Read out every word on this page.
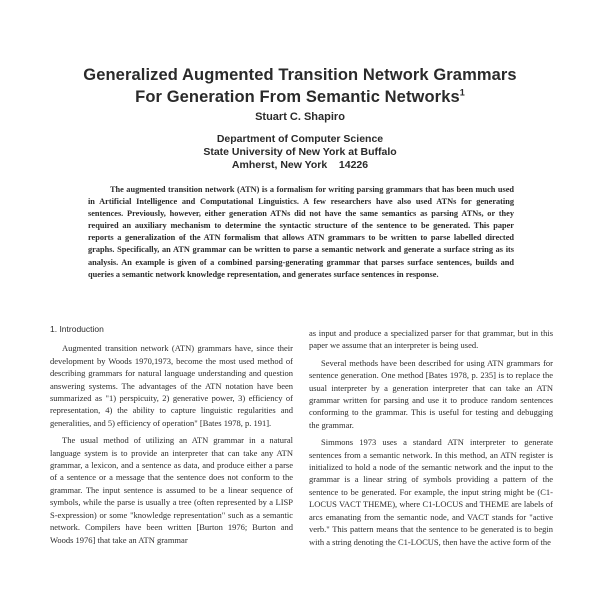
Generalized Augmented Transition Network Grammars
For Generation From Semantic Networks$^1$
Stuart C. Shapiro
Department of Computer Science
State University of New York at Buffalo
Amherst, New York    14226
The augmented transition network (ATN) is a formalism for writing parsing grammars that has been much used in Artificial Intelligence and Computational Linguistics. A few researchers have also used ATNs for generating sentences. Previously, however, either generation ATNs did not have the same semantics as parsing ATNs, or they required an auxiliary mechanism to determine the syntactic structure of the sentence to be generated. This paper reports a generalization of the ATN formalism that allows ATN grammars to be written to parse labelled directed graphs. Specifically, an ATN grammar can be written to parse a semantic network and generate a surface string as its analysis. An example is given of a combined parsing-generating grammar that parses surface sentences, builds and queries a semantic network knowledge representation, and generates surface sentences in response.
1. Introduction

Augmented transition network (ATN) grammars have, since their development by Woods 1970,1973, become the most used method of describing grammars for natural language understanding and question answering systems. The advantages of the ATN notation have been summarized as "1) perspicuity, 2) generative power, 3) efficiency of representation, 4) the ability to capture linguistic regularities and generalities, and 5) efficiency of operation" [Bates 1978, p. 191].

The usual method of utilizing an ATN grammar in a natural language system is to provide an interpreter that can take any ATN grammar, a lexicon, and a sentence as data, and produce either a parse of a sentence or a message that the sentence does not conform to the grammar. The input sentence is assumed to be a linear sequence of symbols, while the parse is usually a tree (often represented by a LISP S-expression) or some "knowledge representation" such as a semantic network. Compilers have been written [Burton 1976; Burton and Woods 1976] that take an ATN grammar

as input and produce a specialized parser for that grammar, but in this paper we assume that an interpreter is being used.

Several methods have been described for using ATN grammars for sentence generation. One method [Bates 1978, p. 235] is to replace the usual interpreter by a generation interpreter that can take an ATN grammar written for parsing and use it to produce random sentences conforming to the grammar. This is useful for testing and debugging the grammar.

Simmons 1973 uses a standard ATN interpreter to generate sentences from a semantic network. In this method, an ATN register is initialized to hold a node of the semantic network and the input to the grammar is a linear string of symbols providing a pattern of the sentence to be generated. For example, the input string might be (C1-LOCUS VACT THEME), where C1-LOCUS and THEME are labels of arcs emanating from the semantic node, and VACT stands for "active verb." This pattern means that the sentence to be generated is to begin with a string denoting the C1-LOCUS, then have the active form of the
